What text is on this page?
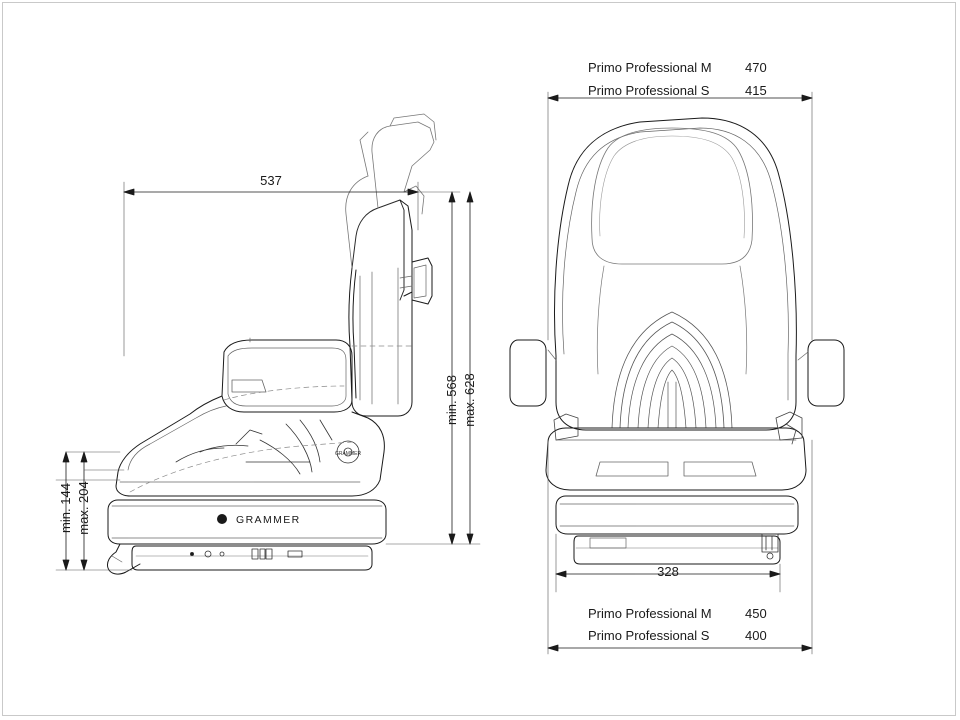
537
328
GRAMMER
GRAMMER
Primo Professional M	470
Primo Professional S	415
Primo Professional M	450
Primo Professional S	400
min. 568 max. 628
min. 144 max. 204
